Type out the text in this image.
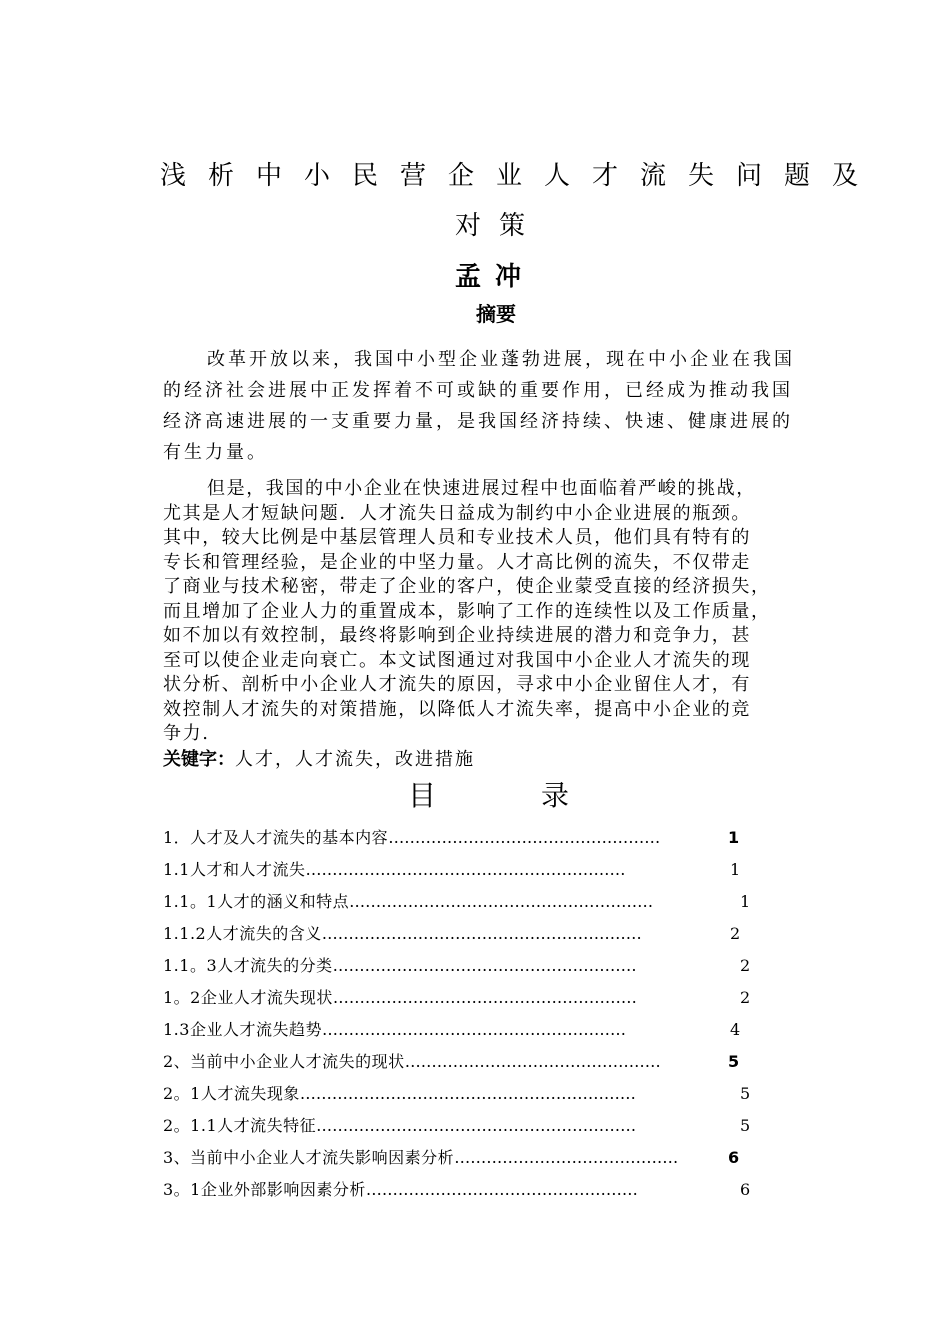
浅析中小民营企业人才流失问题及
对策
孟冲
摘要
改革开放以来，我国中小型企业蓬勃进展，现在中小企业在我国
的经济社会进展中正发挥着不可或缺的重要作用，已经成为推动我国
经济高速进展的一支重要力量，是我国经济持续、快速、健康进展的
有生力量。
但是，我国的中小企业在快速进展过程中也面临着严峻的挑战，
尤其是人才短缺问题．人才流失日益成为制约中小企业进展的瓶颈。
其中，较大比例是中基层管理人员和专业技术人员，他们具有特有的
专长和管理经验，是企业的中坚力量。人才高比例的流失，不仅带走
了商业与技术秘密，带走了企业的客户，使企业蒙受直接的经济损失，
而且增加了企业人力的重置成本，影响了工作的连续性以及工作质量，
如不加以有效控制，最终将影响到企业持续进展的潜力和竞争力，甚
至可以使企业走向衰亡。本文试图通过对我国中小企业人才流失的现
状分析、剖析中小企业人才流失的原因，寻求中小企业留住人才，有
效控制人才流失的对策措施，以降低人才流失率，提高中小企业的竞
争力.
关键字：人才，人才流失，改进措施
目	录
1．人才及人才流失的基本内容……………………………………………	1
1.1人才和人才流失……………………………………………………	1
1.1。1人才的涵义和特点…………………………………………………	1
1.1.2人才流失的含义……………………………………………………	2
1.1。3人才流失的分类…………………………………………………	2
1。2企业人才流失现状…………………………………………………	2
1.3企业人才流失趋势…………………………………………………	4
2、当前中小企业人才流失的现状…………………………………………	5
2。1人才流失现象………………………………………………………	5
2。1.1人才流失特征……………………………………………………	5
3、当前中小企业人才流失影响因素分析……………………………………	6
3。1企业外部影响因素分析……………………………………………	6
